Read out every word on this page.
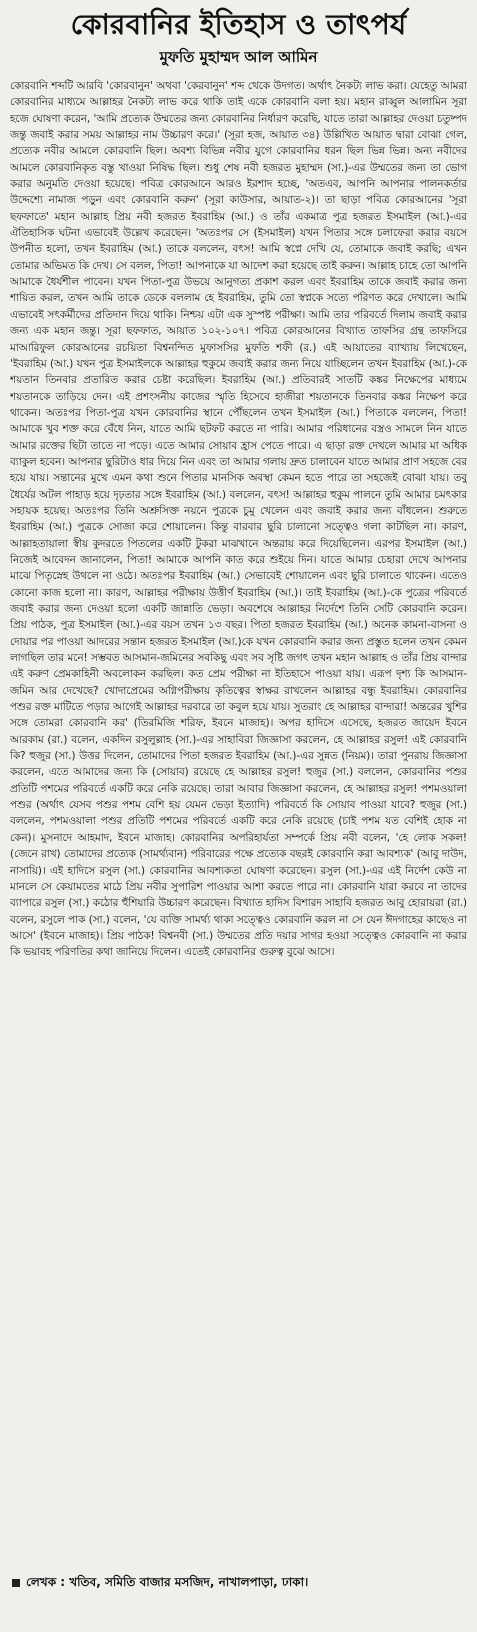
কোরবানির ইতিহাস ও তাৎপর্য
মুফতি মুহাম্মদ আল আমিন

কোরবানি শব্দটি আরবি 'কোরবানুন' অথবা 'কেরবানুন' শব্দ থেকে উদগত। অর্থাৎ নৈকট্য লাভ করা। যেহেতু আমরা কোরবানির মাধ্যমে আল্লাহর নৈকট্য লাভ করে থাকি তাই একে কোরবানি বলা হয়। মহান রাব্বুল আলামিন সূরা হজে ঘোষণা করেন, 'আমি প্রত্যেক উম্মতের জন্য কোরবানির নির্ধারণ করেছি, যাতে তারা আল্লাহর দেওয়া চতুষ্পদ জন্তু জবাই করার সময় আল্লাহর নাম উচ্চারণ করে।' (সূরা হজ, আয়াত ৩৪) উল্লিখিত আয়াত দ্বারা বোঝা গেল, প্রত্যেক নবীর আমলে কোরবানি ছিল। অবশ্য বিভিন্ন নবীর যুগে কোরবানির ধরন ছিল ভিন্ন ভিন্ন। অন্য নবীদের আমলে কোরবানিকৃত বস্তু খাওয়া নিষিদ্ধ ছিল। শুধু শেষ নবী হজরত মুহাম্মদ (সা.)-এর উম্মতের জন্য তা ভোগ করার অনুমতি দেওয়া হয়েছে। পবিত্র কোরআনে আরও ইরশাদ হচ্ছে, 'অতএব, আপনি আপনার পালনকর্তার উদ্দেশ্যে নামাজ পড়ুন এবং কোরবানি করুন' (সূরা কাউসার, আয়াত-২)। তা ছাড়া পবিত্র কোরআনের 'সূরা ছফফাতে' মহান আল্লাহ প্রিয় নবী হজরত ইবরাহিম (আ.) ও তাঁর একমাত্র পুত্র হজরত ইসমাইল (আ.)-এর ঐতিহাসিক ঘটনা এভাবেই উল্লেখ করেছেন। 'অতঃপর সে (ইসমাইল) যখন পিতার সঙ্গে চলাফেরা করার বয়সে উপনীত হলো, তখন ইবরাহিম (আ.) তাকে বললেন, বৎস! আমি স্বপ্নে দেখি যে, তোমাকে জবাই করছি; এখন তোমার অভিমত কি দেখ। সে বলল, পিতা! আপনাকে যা আদেশ করা হয়েছে তাই করুন। আল্লাহ চাহে তো আপনি আমাকে ধৈর্যশীল পাবেন। যখন পিতা-পুত্র উভয়ে আনুগত্য প্রকাশ করল এবং ইবরাহিম তাকে জবাই করার জন্য শায়িত করল, তখন আমি তাকে ডেকে বললাম হে ইবরাহিম, তুমি তো স্বপ্নকে সত্যে পরিণত করে দেখালে। আমি এভাবেই সৎকর্মীদের প্রতিদান দিয়ে থাকি। নিশ্চয় এটা এক সুস্পষ্ট পরীক্ষা। আমি তার পরিবর্তে দিলাম জবাই করার জন্য এক মহান জন্তু। সূরা ছফফাত, আয়াত ১০২-১০৭। পবিত্র কোরআনের বিখ্যাত তাফসির গ্রন্থ তাফসিরে মাআরিফুল কোরআনের রচয়িতা বিশ্বনন্দিত মুফাসসির মুফতি শফী (র.) এই আয়াতের ব্যাখ্যায় লিখেছেন, 'ইবরাহিম (আ.) যখন পুত্র ইসমাইলকে আল্লাহর হুকুমে জবাই করার জন্য নিয়ে যাচ্ছিলেন তখন ইবরাহিম (আ.)-কে শয়তান তিনবার প্রতারিত করার চেষ্টা করেছিল। ইবরাহিম (আ.) প্রতিবারই সাতটি কঙ্কর নিক্ষেপের মাধ্যমে শয়তানকে তাড়িয়ে দেন। এই প্রশংসনীয় কাজের স্মৃতি হিসেবে হাজীরা শয়তানকে তিনবার কঙ্কর নিক্ষেপ করে থাকেন। অতঃপর পিতা-পুত্র যখন কোরবানির স্থানে পৌঁছলেন তখন ইসমাইল (আ.) পিতাকে বললেন, পিতা! আমাকে খুব শক্ত করে বেঁধে নিন, যাতে আমি ছটফট করতে না পারি। আমার পরিধানের বস্ত্রও সামলে নিন যাতে আমার রক্তের ছিটা তাতে না পড়ে। এতে আমার সোয়াব হ্রাস পেতে পারে। এ ছাড়া রক্ত দেখলে আমার মা অধিক ব্যাকুল হবেন। আপনার ছুরিটাও ধার দিয়ে নিন এবং তা আমার গলায় দ্রুত চালাবেন যাতে আমার প্রাণ সহজে বের হয়ে যায়। সন্তানের মুখে এমন কথা শুনে পিতার মানসিক অবস্থা কেমন হতে পারে তা সহজেই বোঝা যায়। তবু ধৈর্যের অটল পাহাড় হয়ে দৃঢ়তার সঙ্গে ইবরাহিম (আ.) বললেন, বৎস! আল্লাহর হুকুম পালনে তুমি আমার চমৎকার সহায়ক হয়েছ। অতঃপর তিনি অশ্রুসিক্ত নয়নে পুত্রকে চুমু খেলেন এবং জবাই করার জন্য বাঁধলেন। শুরুতে ইবরাহিম (আ.) পুত্রকে সোজা করে শোয়ালেন। কিন্তু বারবার ছুরি চালানো সত্ত্বেও গলা কাটছিল না। কারণ, আল্লাহতায়ালা স্বীয় কুদরতে পিতলের একটি টুকরা মাঝখানে অন্তরায় করে দিয়েছিলেন। এরপর ইসমাইল (আ.) নিজেই আবেদন জানালেন, পিতা! আমাকে আপনি কাত করে শুইয়ে দিন। যাতে আমার চেহারা দেখে আপনার মাঝে পিতৃস্নেহ উথলে না ওঠে। অতঃপর ইবরাহিম (আ.) সেভাবেই শোয়ালেন এবং ছুরি চালাতে থাকেন। এতেও কোনো কাজ হলো না। কারণ, আল্লাহর পরীক্ষায় উত্তীর্ণ ইবরাহিম (আ.)। তাই ইবরাহিম (আ.)-কে পুত্রের পরিবর্তে জবাই করার জন্য দেওয়া হলো একটি জান্নাতি ভেড়া। অবশেষে আল্লাহর নির্দেশে তিনি সেটি কোরবানি করেন। প্রিয় পাঠক, পুত্র ইসমাইল (আ.)-এর বয়স তখন ১৩ বছর। পিতা হজরত ইবরাহিম (আ.) অনেক কামনা-বাসনা ও দোয়ার পর পাওয়া আদরের সন্তান হজরত ইসমাইল (আ.)কে যখন কোরবানি করার জন্য প্রস্তুত হলেন তখন কেমন লাগছিল তার মনে! সম্ভবত আসমান-জমিনের সবকিছু এবং সব সৃষ্টি জগৎ তখন মহান আল্লাহ ও তাঁর প্রিয় বান্দার এই করুণ প্রেমকাহিনী অবলোকন করছিল। কত প্রেম পরীক্ষা না ইতিহাসে পাওয়া যায়। এরূপ দৃশ্য কি আসমান-জমিন আর দেখেছে? খোদাপ্রেমের অগ্নিপরীক্ষায় কৃতিত্বের স্বাক্ষর রাখলেন আল্লাহর বন্ধু ইবরাহিম। কোরবানির পশুর রক্ত মাটিতে পড়ার আগেই আল্লাহর দরবারে তা কবুল হয়ে যায়। সুতরাং হে আল্লাহর বান্দারা! অন্তরের খুশির সঙ্গে তোমরা কোরবানি কর' (তিরমিজি শরিফ, ইবনে মাজাহ)। অপর হাদিসে এসেছে, হজরত জায়েদ ইবনে আরকাম (রা.) বলেন, একদিন রসুলুল্লাহ (সা.)-এর সাহাবিরা জিজ্ঞাসা করলেন, হে আল্লাহর রসুল! এই কোরবানি কি? হুজুর (সা.) উত্তর দিলেন, তোমাদের পিতা হজরত ইবরাহিম (আ.)-এর সুন্নত (নিয়ম)। তারা পুনরায় জিজ্ঞাসা করলেন, এতে আমাদের জন্য কি (সোয়াব) রয়েছে হে আল্লাহর রসুল! হুজুর (সা.) বললেন, কোরবানির পশুর প্রতিটি পশমের পরিবর্তে একটি করে নেকি রয়েছে। তারা আবার জিজ্ঞাসা করলেন, হে আল্লাহর রসুল! পশমওয়ালা পশুর (অর্থাৎ যেসব পশুর পশম বেশি হয় যেমন ভেড়া ইত্যাদি) পরিবর্তে কি সোয়াব পাওয়া যাবে? হুজুর (সা.) বললেন, পশমওয়ালা পশুর প্রতিটি পশমের পরিবর্তে একটি করে নেকি রয়েছে (চাই পশম যত বেশিই হোক না কেন)। মুসনাদে আহমাদ, ইবনে মাজাহ। কোরবানির অপরিহার্যতা সম্পর্কে প্রিয় নবী বলেন, 'হে লোক সকল! (জেনে রাখ) তোমাদের প্রত্যেক (সামর্থ্যবান) পরিবারের পক্ষে প্রত্যেক বছরই কোরবানি করা আবশ্যক' (আবু দাউদ, নাসায়ি)। এই হাদিসে রসুল (সা.) কোরবানির আবশ্যকতা ঘোষণা করেছেন। রসুল (সা.)-এর এই নির্দেশ কেউ না মানলে সে কেয়ামতের মাঠে প্রিয় নবীর সুপারিশ পাওয়ার আশা করতে পারে না। কোরবানি যারা করবে না তাদের ব্যাপারে রসুল (সা.) কঠোর হুঁশিয়ারি উচ্চারণ করেছেন। বিখ্যাত হাদিস বিশারদ সাহাবি হজরত আবু হোরায়রা (রা.) বলেন, রসুলে পাক (সা.) বলেন, 'যে ব্যক্তি সামর্থ্য থাকা সত্ত্বেও কোরবানি করল না সে যেন ঈদগাহের কাছেও না আসে' (ইবনে মাজাহ)। প্রিয় পাঠক! বিশ্বনবী (সা.) উম্মতের প্রতি দয়ার সাগর হওয়া সত্ত্বেও কোরবানি না করার কি ভয়াবহ পরিণতির কথা জানিয়ে দিলেন। এতেই কোরবানির গুরুত্ব বুঝে আসে।

লেখক : খতিব, সমিতি বাজার মসজিদ, নাখালপাড়া, ঢাকা।
